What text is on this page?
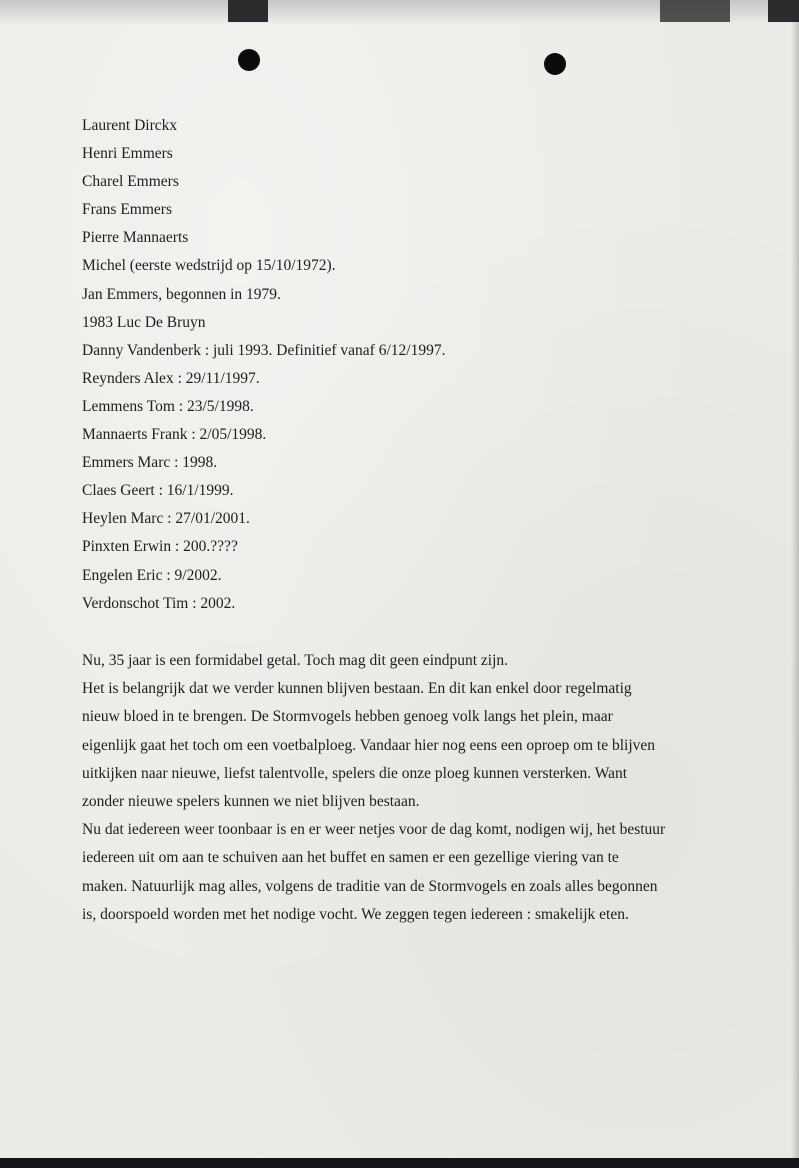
Laurent Dirckx
Henri Emmers
Charel Emmers
Frans Emmers
Pierre Mannaerts
Michel (eerste wedstrijd op 15/10/1972).
Jan Emmers, begonnen in 1979.
1983 Luc De Bruyn
Danny Vandenberk : juli 1993. Definitief vanaf 6/12/1997.
Reynders Alex : 29/11/1997.
Lemmens Tom : 23/5/1998.
Mannaerts Frank : 2/05/1998.
Emmers Marc : 1998.
Claes Geert : 16/1/1999.
Heylen Marc : 27/01/2001.
Pinxten Erwin : 200.????
Engelen Eric : 9/2002.
Verdonschot Tim : 2002.

Nu, 35 jaar is een formidabel getal. Toch mag dit geen eindpunt zijn.
Het is belangrijk dat we verder kunnen blijven bestaan. En dit kan enkel door regelmatig
nieuw bloed in te brengen. De Stormvogels hebben genoeg volk langs het plein, maar
eigenlijk gaat het toch om een voetbalploeg. Vandaar hier nog eens een oproep om te blijven
uitkijken naar nieuwe, liefst talentvolle, spelers die onze ploeg kunnen versterken. Want
zonder nieuwe spelers kunnen we niet blijven bestaan.
Nu dat iedereen weer toonbaar is en er weer netjes voor de dag komt, nodigen wij, het bestuur
iedereen uit om aan te schuiven aan het buffet en samen er een gezellige viering van te
maken. Natuurlijk mag alles, volgens de traditie van de Stormvogels en zoals alles begonnen
is, doorspoeld worden met het nodige vocht. We zeggen tegen iedereen : smakelijk eten.
